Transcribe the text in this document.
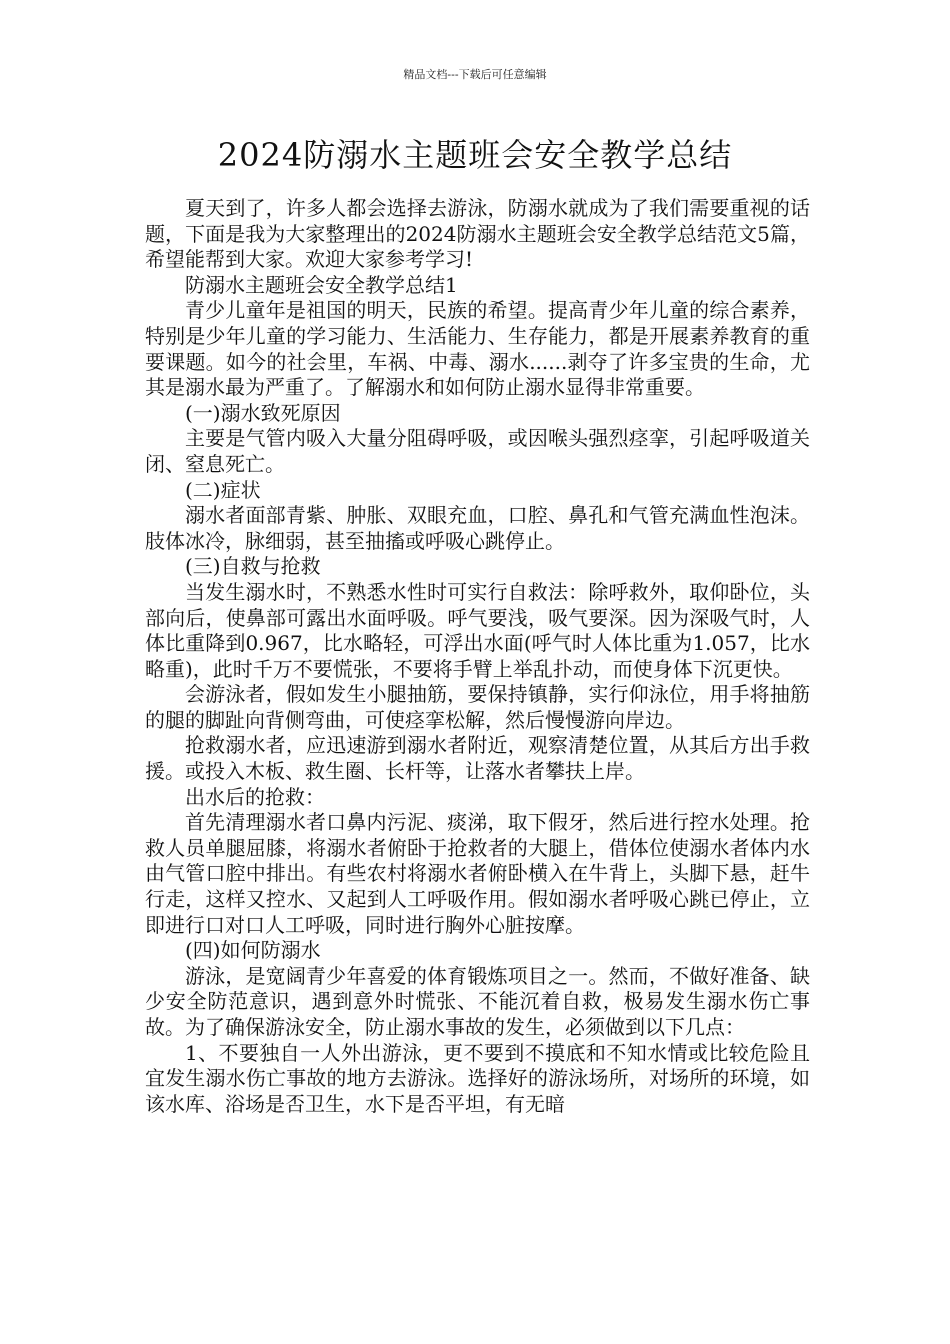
精品文档---下载后可任意编辑
2024防溺水主题班会安全教学总结

夏天到了，许多人都会选择去游泳，防溺水就成为了我们需要重视的话题，下面是我为大家整理出的2024防溺水主题班会安全教学总结范文5篇，希望能帮到大家。欢迎大家参考学习!

防溺水主题班会安全教学总结1

青少儿童年是祖国的明天，民族的希望。提高青少年儿童的综合素养，特别是少年儿童的学习能力、生活能力、生存能力，都是开展素养教育的重要课题。如今的社会里，车祸、中毒、溺水......剥夺了许多宝贵的生命，尤其是溺水最为严重了。了解溺水和如何防止溺水显得非常重要。

(一)溺水致死原因

主要是气管内吸入大量分阻碍呼吸，或因喉头强烈痉挛，引起呼吸道关闭、窒息死亡。

(二)症状

溺水者面部青紫、肿胀、双眼充血，口腔、鼻孔和气管充满血性泡沫。肢体冰冷，脉细弱，甚至抽搐或呼吸心跳停止。

(三)自救与抢救

当发生溺水时，不熟悉水性时可实行自救法：除呼救外，取仰卧位，头部向后，使鼻部可露出水面呼吸。呼气要浅，吸气要深。因为深吸气时，人体比重降到0.967，比水略轻，可浮出水面(呼气时人体比重为1.057，比水略重)，此时千万不要慌张，不要将手臂上举乱扑动，而使身体下沉更快。

会游泳者，假如发生小腿抽筋，要保持镇静，实行仰泳位，用手将抽筋的腿的脚趾向背侧弯曲，可使痉挛松解，然后慢慢游向岸边。

抢救溺水者，应迅速游到溺水者附近，观察清楚位置，从其后方出手救援。或投入木板、救生圈、长杆等，让落水者攀扶上岸。

出水后的抢救：

首先清理溺水者口鼻内污泥、痰涕，取下假牙，然后进行控水处理。抢救人员单腿屈膝，将溺水者俯卧于抢救者的大腿上，借体位使溺水者体内水由气管口腔中排出。有些农村将溺水者俯卧横入在牛背上，头脚下悬，赶牛行走，这样又控水、又起到人工呼吸作用。假如溺水者呼吸心跳已停止，立即进行口对口人工呼吸，同时进行胸外心脏按摩。

(四)如何防溺水

游泳，是宽阔青少年喜爱的体育锻炼项目之一。然而，不做好准备、缺少安全防范意识，遇到意外时慌张、不能沉着自救，极易发生溺水伤亡事故。为了确保游泳安全，防止溺水事故的发生，必须做到以下几点：

1、不要独自一人外出游泳，更不要到不摸底和不知水情或比较危险且宜发生溺水伤亡事故的地方去游泳。选择好的游泳场所，对场所的环境，如该水库、浴场是否卫生，水下是否平坦，有无暗
